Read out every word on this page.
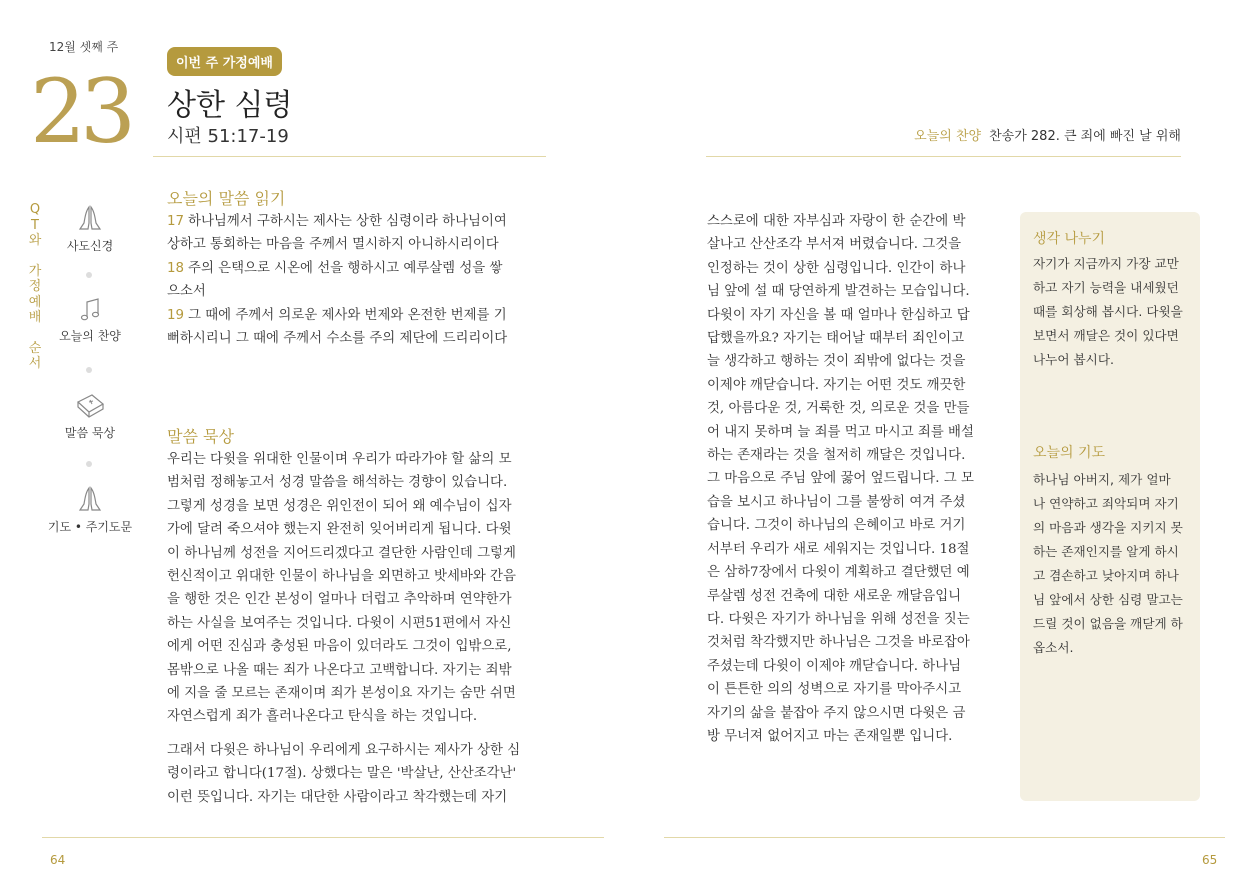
12월 셋째 주
23	이번 주 가정예배
상한 심령
시편 51:17-19	오늘의 찬양 찬송가 282. 큰 죄에 빠진 날 위해
Q
T
와
가
정
예
배
순
서
사도신경
오늘의 찬양
말씀 묵상
기도 • 주기도문
오늘의 말씀 읽기
17 하나님께서 구하시는 제사는 상한 심령이라 하나님이여
상하고 통회하는 마음을 주께서 멸시하지 아니하시리이다
18 주의 은택으로 시온에 선을 행하시고 예루살렘 성을 쌓
으소서
19 그 때에 주께서 의로운 제사와 번제와 온전한 번제를 기
뻐하시리니 그 때에 주께서 수소를 주의 제단에 드리리이다
말씀 묵상
우리는 다윗을 위대한 인물이며 우리가 따라가야 할 삶의 모
범처럼 정해놓고서 성경 말씀을 해석하는 경향이 있습니다.
그렇게 성경을 보면 성경은 위인전이 되어 왜 예수님이 십자
가에 달려 죽으셔야 했는지 완전히 잊어버리게 됩니다. 다윗
이 하나님께 성전을 지어드리겠다고 결단한 사람인데 그렇게
헌신적이고 위대한 인물이 하나님을 외면하고 밧세바와 간음
을 행한 것은 인간 본성이 얼마나 더럽고 추악하며 연약한가
하는 사실을 보여주는 것입니다. 다윗이 시편51편에서 자신
에게 어떤 진심과 충성된 마음이 있더라도 그것이 입밖으로,
몸밖으로 나올 때는 죄가 나온다고 고백합니다. 자기는 죄밖
에 지을 줄 모르는 존재이며 죄가 본성이요 자기는 숨만 쉬면
자연스럽게 죄가 흘러나온다고 탄식을 하는 것입니다.
그래서 다윗은 하나님이 우리에게 요구하시는 제사가 상한 심
령이라고 합니다(17절). 상했다는 말은 '박살난, 산산조각난'
이런 뜻입니다. 자기는 대단한 사람이라고 착각했는데 자기
스스로에 대한 자부심과 자랑이 한 순간에 박
살나고 산산조각 부서져 버렸습니다. 그것을
인정하는 것이 상한 심령입니다. 인간이 하나
님 앞에 설 때 당연하게 발견하는 모습입니다.
다윗이 자기 자신을 볼 때 얼마나 한심하고 답
답했을까요? 자기는 태어날 때부터 죄인이고
늘 생각하고 행하는 것이 죄밖에 없다는 것을
이제야 깨닫습니다. 자기는 어떤 것도 깨끗한
것, 아름다운 것, 거룩한 것, 의로운 것을 만들
어 내지 못하며 늘 죄를 먹고 마시고 죄를 배설
하는 존재라는 것을 철저히 깨달은 것입니다.
그 마음으로 주님 앞에 꿇어 엎드립니다. 그 모
습을 보시고 하나님이 그를 불쌍히 여겨 주셨
습니다. 그것이 하나님의 은혜이고 바로 거기
서부터 우리가 새로 세워지는 것입니다. 18절
은 삼하7장에서 다윗이 계획하고 결단했던 예
루살렘 성전 건축에 대한 새로운 깨달음입니
다. 다윗은 자기가 하나님을 위해 성전을 짓는
것처럼 착각했지만 하나님은 그것을 바로잡아
주셨는데 다윗이 이제야 깨닫습니다. 하나님
이 튼튼한 의의 성벽으로 자기를 막아주시고
자기의 삶을 붙잡아 주지 않으시면 다윗은 금
방 무너져 없어지고 마는 존재일뿐 입니다.
생각 나누기
자기가 지금까지 가장 교만
하고 자기 능력을 내세웠던
때를 회상해 봅시다. 다윗을
보면서 깨달은 것이 있다면
나누어 봅시다.
오늘의 기도
하나님 아버지, 제가 얼마
나 연약하고 죄악되며 자기
의 마음과 생각을 지키지 못
하는 존재인지를 알게 하시
고 겸손하고 낮아지며 하나
님 앞에서 상한 심령 말고는
드릴 것이 없음을 깨닫게 하
옵소서.
64	65
